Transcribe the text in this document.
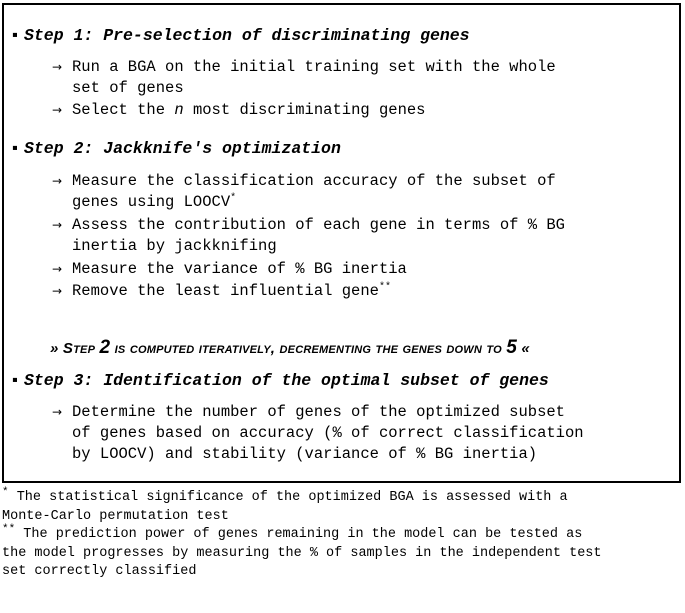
▪ Step 1: Pre-selection of discriminating genes
→ Run a BGA on the initial training set with the whole
set of genes
→ Select the n most discriminating genes
▪ Step 2: Jackknife's optimization
→ Measure the classification accuracy of the subset of
genes using LOOCV*
→ Assess the contribution of each gene in terms of % BG
inertia by jackknifing
→ Measure the variance of % BG inertia
→ Remove the least influential gene**
» Step 2 is computed iteratively, decrementing the genes down to 5 «
▪ Step 3: Identification of the optimal subset of genes
→ Determine the number of genes of the optimized subset
of genes based on accuracy (% of correct classification
by LOOCV) and stability (variance of % BG inertia)
* The statistical significance of the optimized BGA is assessed with a
Monte-Carlo permutation test
** The prediction power of genes remaining in the model can be tested as
the model progresses by measuring the % of samples in the independent test
set correctly classified
